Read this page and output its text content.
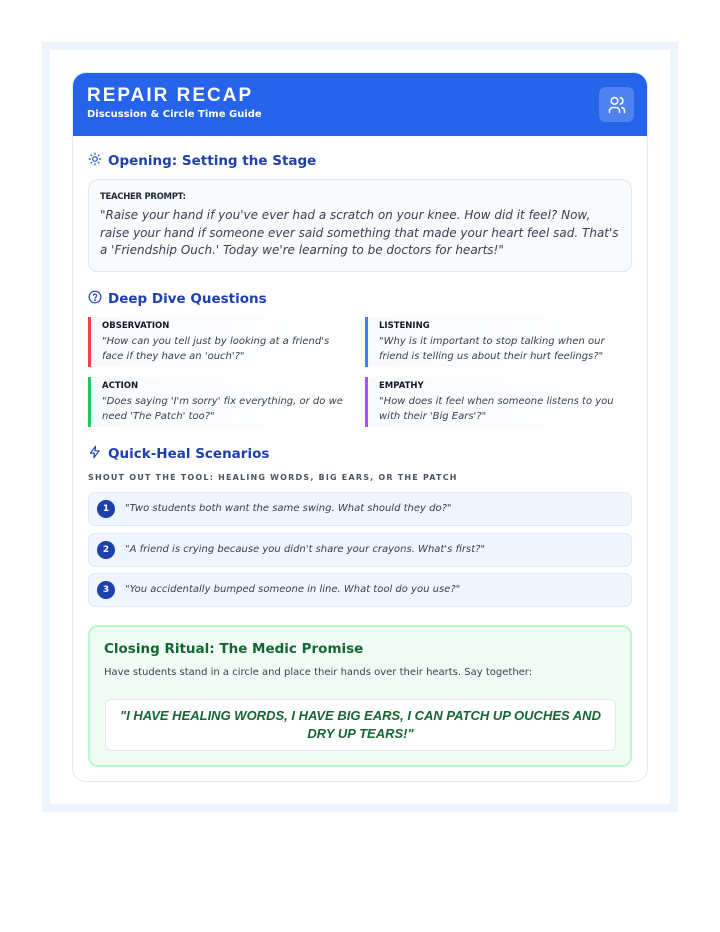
REPAIR RECAP
Discussion & Circle Time Guide
Opening: Setting the Stage
TEACHER PROMPT:
"Raise your hand if you've ever had a scratch on your knee. How did it feel? Now, raise your hand if someone ever said something that made your heart feel sad. That's a 'Friendship Ouch.' Today we're learning to be doctors for hearts!"
Deep Dive Questions
OBSERVATION
"How can you tell just by looking at a friend's face if they have an 'ouch'?"
LISTENING
"Why is it important to stop talking when our friend is telling us about their hurt feelings?"
ACTION
"Does saying 'I'm sorry' fix everything, or do we need 'The Patch' too?"
EMPATHY
"How does it feel when someone listens to you with their 'Big Ears'?"
Quick-Heal Scenarios
SHOUT OUT THE TOOL: HEALING WORDS, BIG EARS, OR THE PATCH
1	"Two students both want the same swing. What should they do?"
2	"A friend is crying because you didn't share your crayons. What's first?"
3	"You accidentally bumped someone in line. What tool do you use?"
Closing Ritual: The Medic Promise
Have students stand in a circle and place their hands over their hearts. Say together:
"I HAVE HEALING WORDS, I HAVE BIG EARS, I CAN PATCH UP OUCHES AND DRY UP TEARS!"
